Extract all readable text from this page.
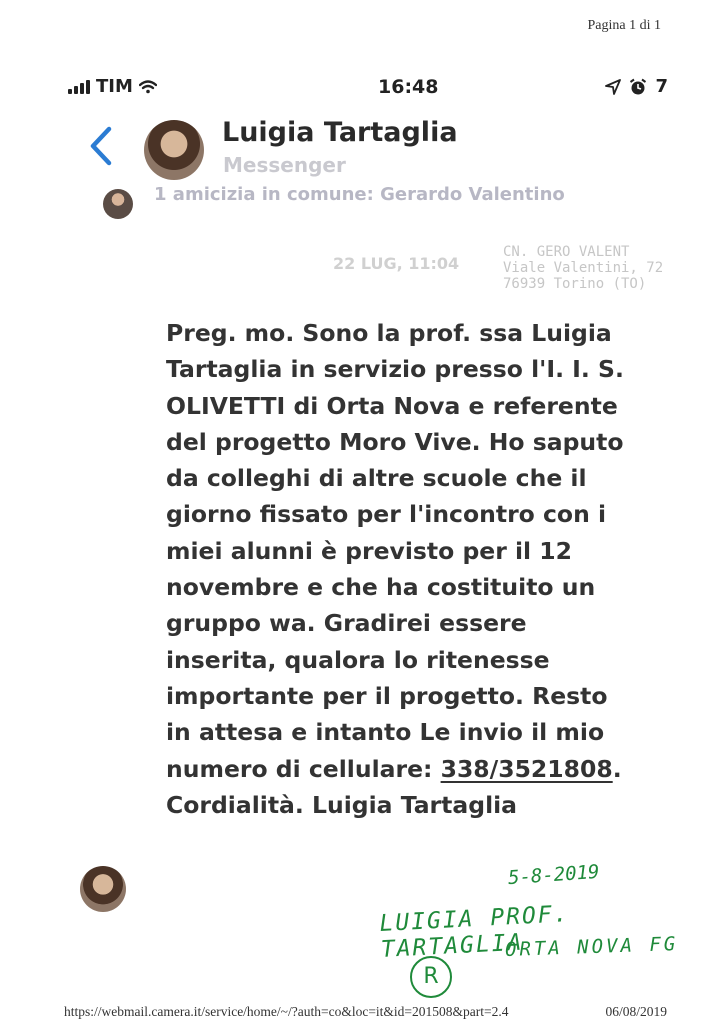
Pagina 1 di 1
TIM	16:48	7
Luigia Tartaglia
Messenger
1 amicizia in comune: Gerardo Valentino
22 LUG, 11:04
CN. GERO VALENT
Viale Valentini, 72
76939 Torino (TO)
Preg. mo. Sono la prof. ssa Luigia Tartaglia in servizio presso l'I. I. S. OLIVETTI di Orta Nova e referente del progetto Moro Vive. Ho saputo da colleghi di altre scuole che il giorno fissato per l'incontro con i miei alunni è previsto per il 12 novembre e che ha costituito un gruppo wa. Gradirei essere inserita, qualora lo ritenesse importante per il progetto. Resto in attesa e intanto Le invio il mio numero di cellulare: 338/3521808. Cordialità. Luigia Tartaglia
5-8-2019
LUIGIA PROF. TARTAGLIA
ORTA NOVA FG
R
https://webmail.camera.it/service/home/~/?auth=co&loc=it&id=201508&part=2.4	06/08/2019
